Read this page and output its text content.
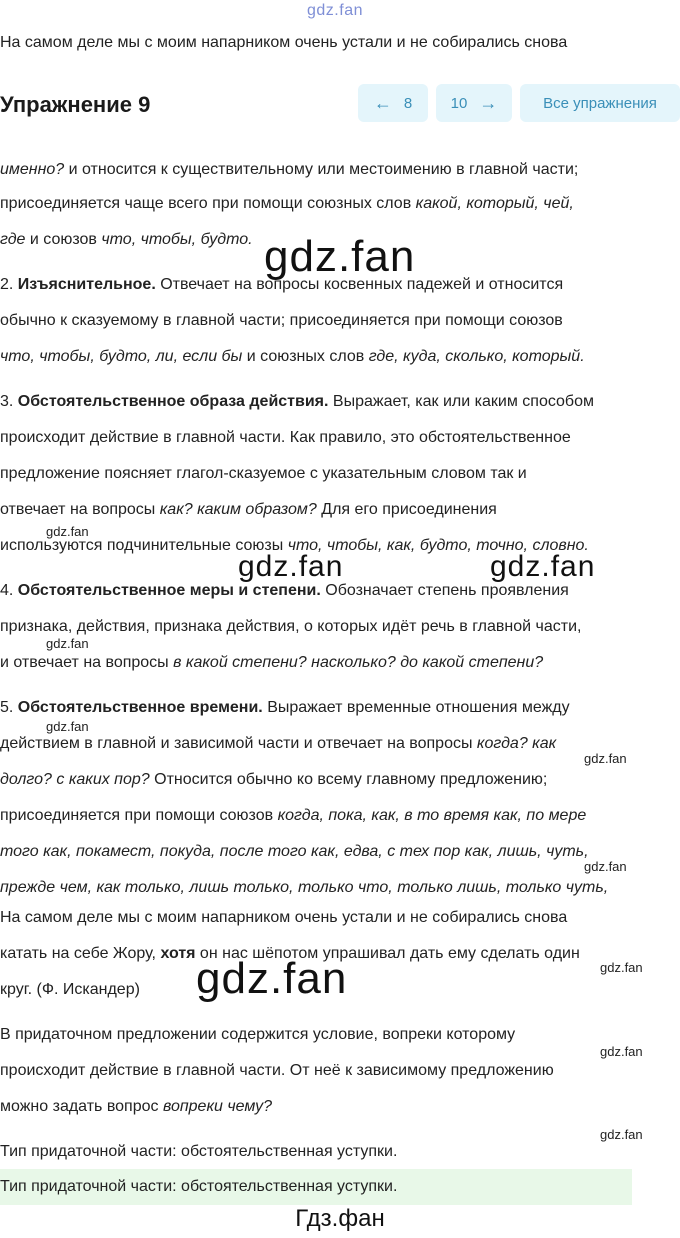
gdz.fan
На самом деле мы с моим напарником очень устали и не собирались снова
Упражнение 9	← 8	10 →	Все упражнения
именно? и относится к существительному или местоимению в главной части;
присоединяется чаще всего при помощи союзных слов какой, который, чей,
где и союзов что, чтобы, будто. gdz.fan
2. Изъяснительное. Отвечает на вопросы косвенных падежей и относится
обычно к сказуемому в главной части; присоединяется при помощи союзов
что, чтобы, будто, ли, если бы и союзных слов где, куда, сколько, который.
3. Обстоятельственное образа действия. Выражает, как или каким способом
происходит действие в главной части. Как правило, это обстоятельственное
предложение поясняет глагол-сказуемое с указательным словом так и
отвечает на вопросы как? каким образом? Для его присоединения
gdz.fan
используются подчинительные союзы что, чтобы, как, будто, точно, словно.
gdz.fan	gdz.fan
4. Обстоятельственное меры и степени. Обозначает степень проявления
признака, действия, признака действия, о которых идёт речь в главной части,
gdz.fan
и отвечает на вопросы в какой степени? насколько? до какой степени?
5. Обстоятельственное времени. Выражает временные отношения между
gdz.fan
действием в главной и зависимой части и отвечает на вопросы когда? как
gdz.fan
долго? с каких пор? Относится обычно ко всему главному предложению;
присоединяется при помощи союзов когда, пока, как, в то время как, по мере
того как, покамест, покуда, после того как, едва, с тех пор как, лишь, чуть,
gdz.fan
прежде чем, как только, лишь только, только что, только лишь, только чуть,
На самом деле мы с моим напарником очень устали и не собирались снова
катать на себе Жору, хотя он нас шёпотом упрашивал дать ему сделать один
gdz.fan
круг. (Ф. Искандер) gdz.fan
В придаточном предложении содержится условие, вопреки которому
gdz.fan
происходит действие в главной части. От неё к зависимому предложению
можно задать вопрос вопреки чему?
gdz.fan
Тип придаточной части: обстоятельственная уступки.
Тип придаточной части: обстоятельственная уступки.
Гдз.фан
